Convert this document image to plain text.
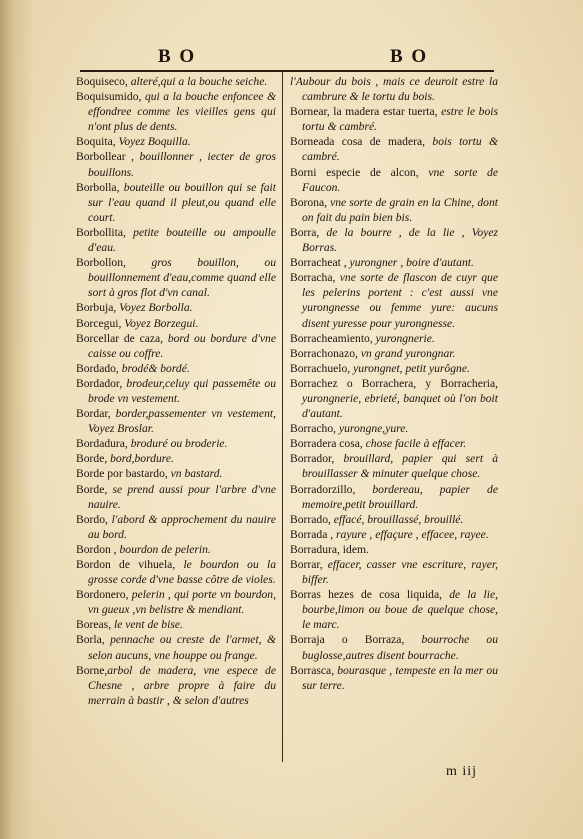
B O	B O

Boquiseco, alteré,qui a la bouche seiche.

Boquisumido, qui a la bouche enfoncee & effondree comme les vieilles gens qui n'ont plus de dents.

Boquita, Voyez Boquilla.

Borbollear , bouillonner , iecter de gros bouillons.

Borbolla, bouteille ou bouillon qui se fait sur l'eau quand il pleut,ou quand elle court.

Borbollita, petite bouteille ou ampoulle d'eau.

Borbollon, gros bouillon, ou bouillonnement d'eau,comme quand elle sort à gros flot d'vn canal.

Borbuja, Voyez Borbolla.

Borcegui, Voyez Borzegui.

Borcellar de caza, bord ou bordure d'vne caisse ou coffre.

Bordado, brodé& bordé.

Bordador, brodeur,celuy qui passemête ou brode vn vestement.

Bordar, border,passementer vn vestement, Voyez Broslar.

Bordadura, broduré ou broderie.

Borde, bord,bordure.

Borde por bastardo, vn bastard.

Borde, se prend aussi pour l'arbre d'vne nauire.

Bordo, l'abord & approchement du nauire au bord.

Bordon , bourdon de pelerin.

Bordon de vihuela, le bourdon ou la grosse corde d'vne basse côtre de violes.

Bordonero, pelerin , qui porte vn bourdon, vn gueux ,vn belistre & mendiant.

Boreas, le vent de bise.

Borla, pennache ou creste de l'armet, & selon aucuns, vne houppe ou frange.

Borne,arbol de madera, vne espece de Chesne , arbre propre à faire du merrain à bastir , & selon d'autres

l'Aubour du bois , mais ce deuroit estre la cambrure & le tortu du bois.

Bornear, la madera estar tuerta, estre le bois tortu & cambré.

Borneada cosa de madera, bois tortu & cambré.

Borni especie de alcon, vne sorte de Faucon.

Borona, vne sorte de grain en la Chine, dont on fait du pain bien bis.

Borra, de la bourre , de la lie , Voyez Borras.

Borracheat , yurongner , boire d'autant.

Borracha, vne sorte de flascon de cuyr que les pelerins portent : c'est aussi vne yurongnesse ou femme yure: aucuns disent yuresse pour yurongnesse.

Borracheamiento, yurongnerie.

Borrachonazo, vn grand yurongnar.

Borrachuelo, yurongnet, petit yurôgne.

Borrachez o Borrachera, y Borracheria, yurongnerie, ebrieté, banquet où l'on boit d'autant.

Borracho, yurongne,yure.

Borradera cosa, chose facile à effacer.

Borrador, brouillard, papier qui sert à brouillasser & minuter quelque chose.

Borradorzillo, bordereau, papier de memoire,petit brouillard.

Borrado, effacé, brouillassé, brouillé.

Borrada , rayure , effaçure , effacee, rayee.

Borradura, idem.

Borrar, effacer, casser vne escriture, rayer, biffer.

Borras hezes de cosa liquida, de la lie, bourbe,limon ou boue de quelque chose, le marc.

Borraja o Borraza, bourroche ou buglosse,autres disent bourrache.

Borrasca, bourasque , tempeste en la mer ou sur terre.

m iij
